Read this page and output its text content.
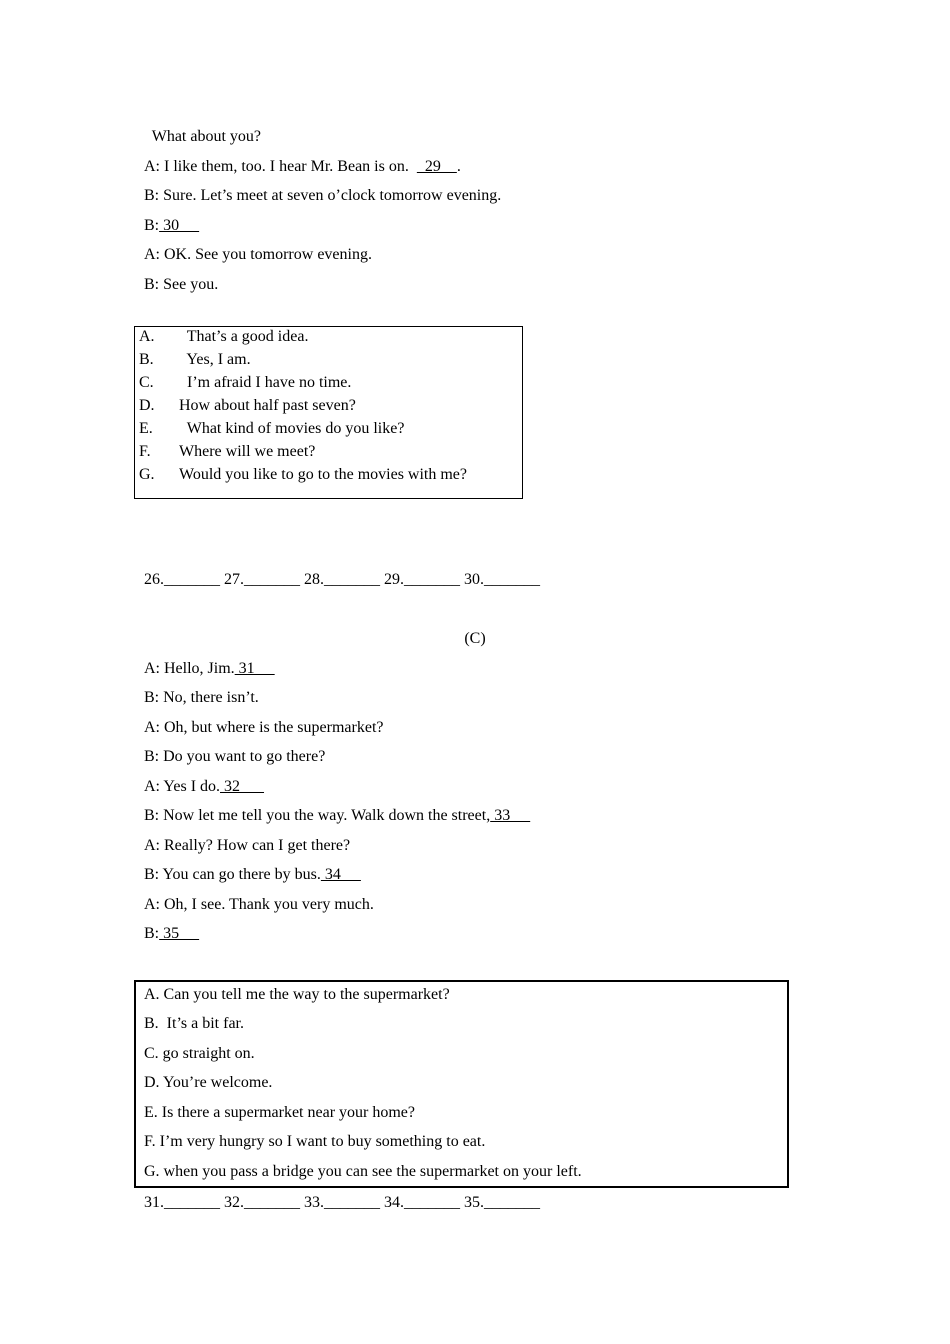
What about you?
A: I like them, too. I hear Mr. Bean is on.    29    .
B: Sure. Let’s meet at seven o’clock tomorrow evening.
B: 30
A: OK. See you tomorrow evening.
B: See you.
A.  That’s a good idea.
B.  Yes, I am.
C.  I’m afraid I have no time.
D. How about half past seven?
E.  What kind of movies do you like?
F. Where will we meet?
G. Would you like to go to the movies with me?
26._______ 27._______ 28._______ 29._______ 30._______
(C)
A: Hello, Jim. 31
B: No, there isn’t.
A: Oh, but where is the supermarket?
B: Do you want to go there?
A: Yes I do. 32
B: Now let me tell you the way. Walk down the street, 33
A: Really? How can I get there?
B: You can go there by bus. 34
A: Oh, I see. Thank you very much.
B: 35
A. Can you tell me the way to the supermarket?
B.  It’s a bit far.
C. go straight on.
D. You’re welcome.
E. Is there a supermarket near your home?
F. I’m very hungry so I want to buy something to eat.
G. when you pass a bridge you can see the supermarket on your left.
31._______ 32._______ 33._______ 34._______ 35._______
